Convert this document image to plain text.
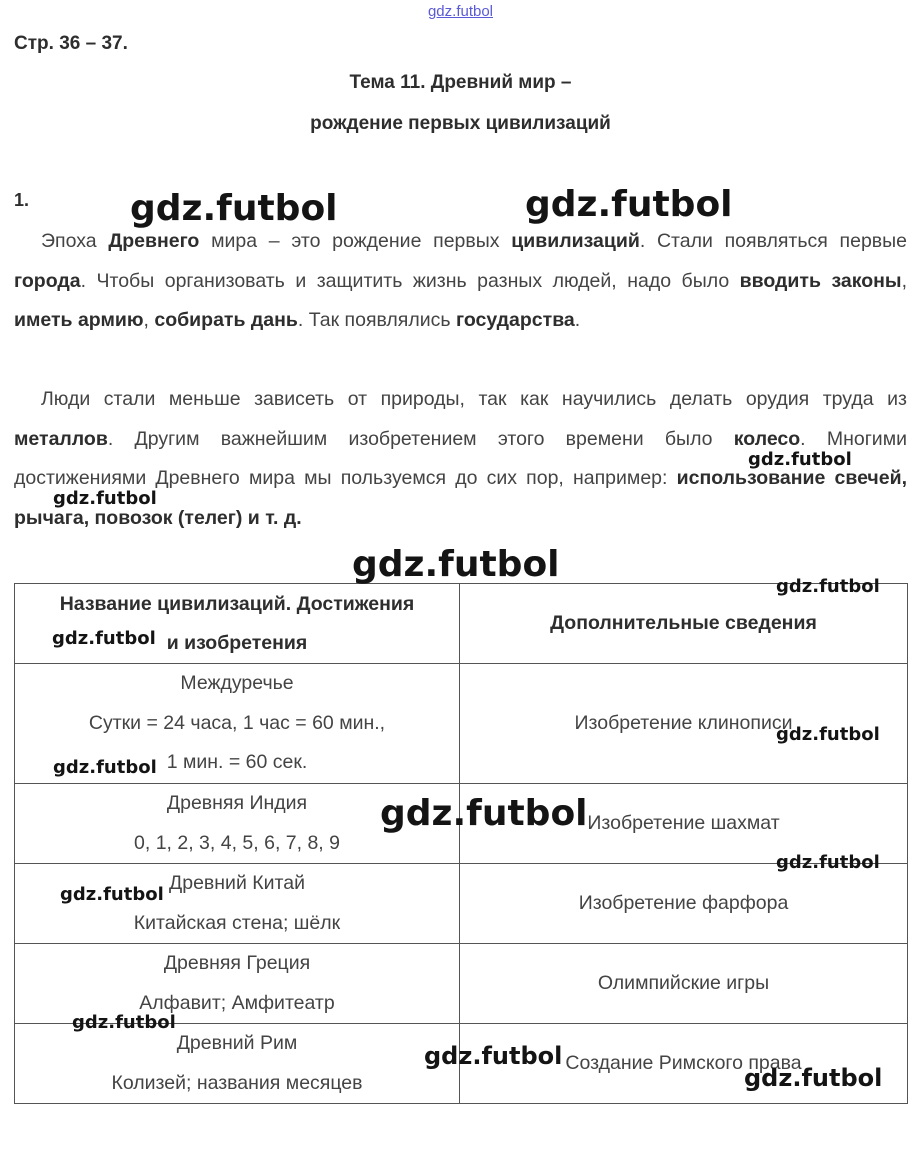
gdz.futbol
Стр. 36 – 37.
Тема 11. Древний мир –
рождение первых цивилизаций
1.
Эпоха Древнего мира – это рождение первых цивилизаций. Стали появляться первые города. Чтобы организовать и защитить жизнь разных людей, надо было вводить законы, иметь армию, собирать дань. Так появлялись государства.
Люди стали меньше зависеть от природы, так как научились делать орудия труда из металлов. Другим важнейшим изобретением этого времени было колесо. Многими достижениями Древнего мира мы пользуемся до сих пор, например: использование свечей, рычага, повозок (телег) и т. д.
Название цивилизаций. Достижения
и изобретения	Дополнительные сведения
Междуречье
Сутки = 24 часа, 1 час = 60 мин.,
1 мин. = 60 сек.	Изобретение клинописи
Древняя Индия
0, 1, 2, 3, 4, 5, 6, 7, 8, 9	Изобретение шахмат
Древний Китай
Китайская стена; шёлк	Изобретение фарфора
Древняя Греция
Алфавит; Амфитеатр	Олимпийские игры
Древний Рим
Колизей; названия месяцев	Создание Римского права
gdz.futbol	gdz.futbol
gdz.futbol
gdz.futbol
gdz.futbol
gdz.futbol
gdz.futbol
gdz.futbol
gdz.futbol
gdz.futbol
gdz.futbol
gdz.futbol
gdz.futbol
gdz.futbol
gdz.futbol
